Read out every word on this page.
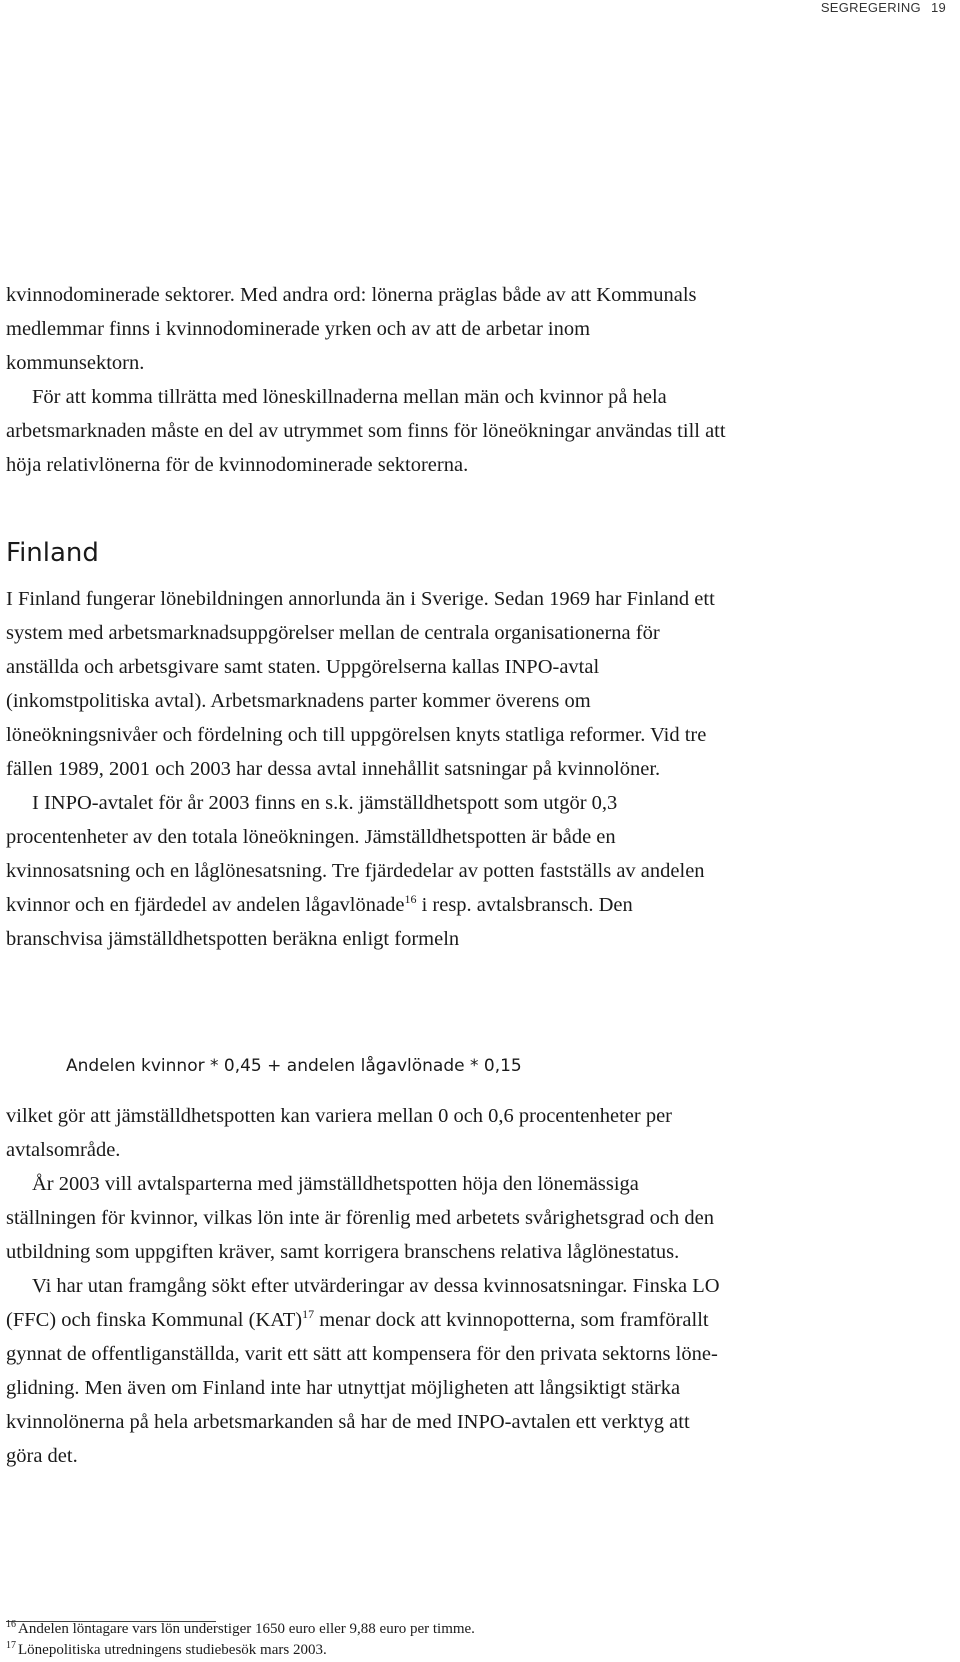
SEGREGERING 19

kvinnodominerade sektorer. Med andra ord: lönerna präglas både av att Kommunals medlemmar finns i kvinnodominerade yrken och av att de arbetar inom kommunsektorn.

För att komma tillrätta med löneskillnaderna mellan män och kvinnor på hela arbetsmarknaden måste en del av utrymmet som finns för löneökningar användas till att höja relativlönerna för de kvinnodominerade sektorerna.

Finland

I Finland fungerar lönebildningen annorlunda än i Sverige. Sedan 1969 har Finland ett system med arbetsmarknadsuppgörelser mellan de centrala organisationerna för anställda och arbetsgivare samt staten. Uppgörelserna kallas INPO-avtal (inkomstpolitiska avtal). Arbetsmarknadens parter kommer överens om löneökningsnivåer och fördelning och till uppgörelsen knyts statliga reformer. Vid tre fällen 1989, 2001 och 2003 har dessa avtal innehållit satsningar på kvinnolöner.

I INPO-avtalet för år 2003 finns en s.k. jämställdhetspott som utgör 0,3 procentenheter av den totala löneökningen. Jämställdhetspotten är både en kvinnosatsning och en låglönesatsning. Tre fjärdedelar av potten fastställs av andelen kvinnor och en fjärdedel av andelen lågavlönade$^{16}$ i resp. avtalsbransch. Den branschvisa jämställdhetspotten beräkna enligt formeln

Andelen kvinnor * 0,45 + andelen lågavlönade * 0,15

vilket gör att jämställdhetspotten kan variera mellan 0 och 0,6 procentenheter per avtalsområde.

År 2003 vill avtalsparterna med jämställdhetspotten höja den lönemässiga ställningen för kvinnor, vilkas lön inte är förenlig med arbetets svårighetsgrad och den utbildning som uppgiften kräver, samt korrigera branschens relativa låglönestatus.

Vi har utan framgång sökt efter utvärderingar av dessa kvinnosatsningar. Finska LO (FFC) och finska Kommunal (KAT)$^{17}$ menar dock att kvinnopotterna, som framförallt gynnat de offentliganställda, varit ett sätt att kompensera för den privata sektorns löneglidning. Men även om Finland inte har utnyttjat möjligheten att långsiktigt stärka kvinnolönerna på hela arbetsmarkanden så har de med INPO-avtalen ett verktyg att göra det.

$^{16}$ Andelen löntagare vars lön understiger 1650 euro eller 9,88 euro per timme.
$^{17}$ Lönepolitiska utredningens studiebesök mars 2003.
